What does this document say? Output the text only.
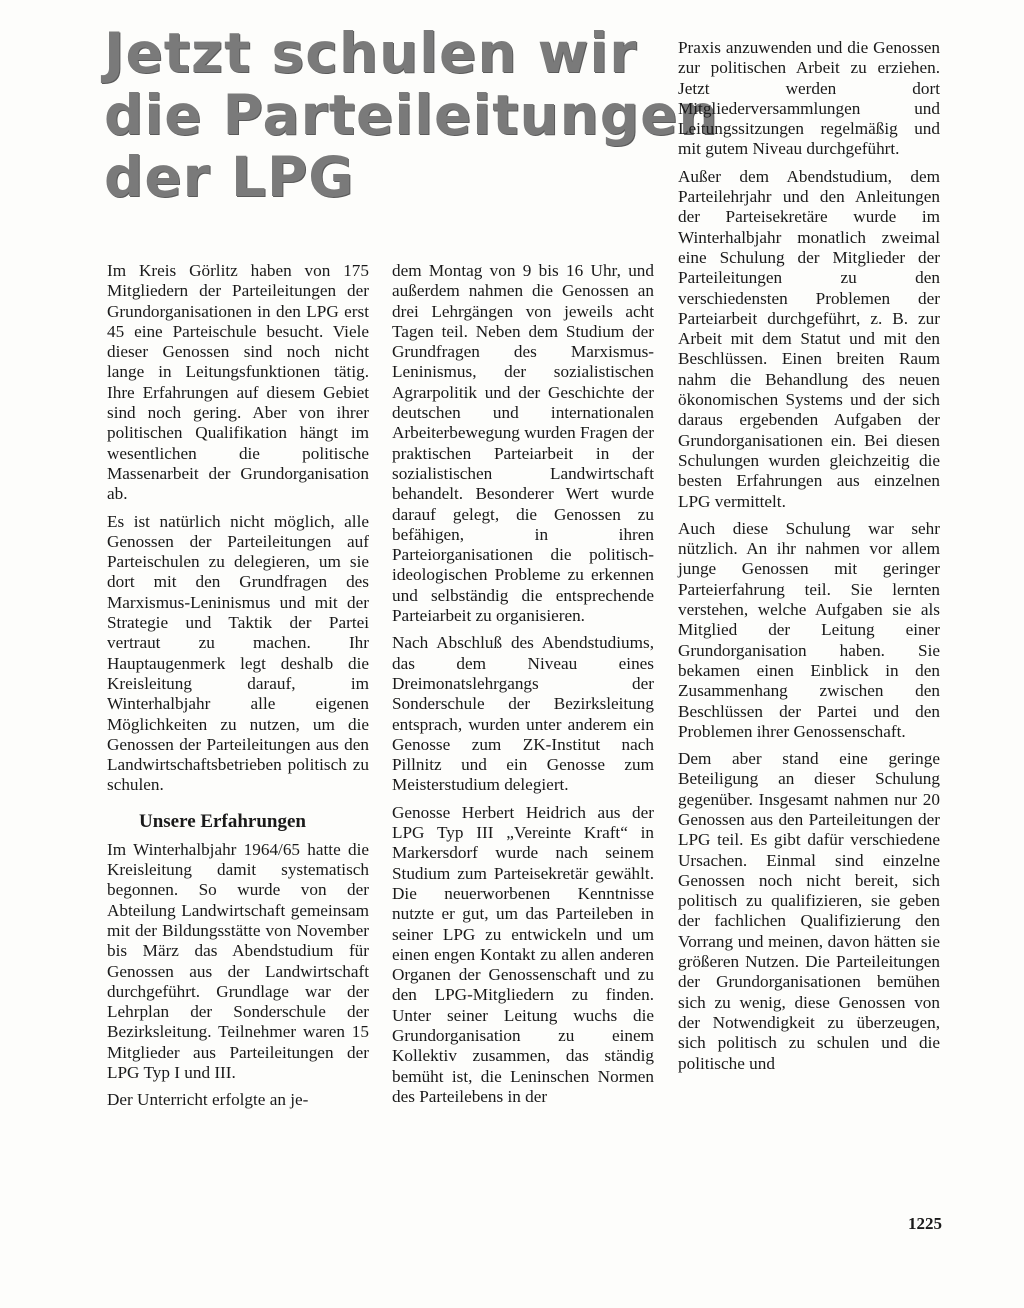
Jetzt schulen wir
die Parteileitungen
der LPG

Im Kreis Görlitz haben von 175 Mitgliedern der Parteileitungen der Grundorganisationen in den LPG erst 45 eine Parteischule besucht. Viele dieser Genossen sind noch nicht lange in Leitungsfunktionen tätig. Ihre Erfahrungen auf diesem Gebiet sind noch gering. Aber von ihrer politischen Qualifikation hängt im wesentlichen die politische Massenarbeit der Grundorganisation ab.

Es ist natürlich nicht möglich, alle Genossen der Parteileitungen auf Parteischulen zu delegieren, um sie dort mit den Grundfragen des Marxismus-Leninismus und mit der Strategie und Taktik der Partei vertraut zu machen. Ihr Hauptaugenmerk legt deshalb die Kreisleitung darauf, im Winterhalbjahr alle eigenen Möglichkeiten zu nutzen, um die Genossen der Parteileitungen aus den Landwirtschaftsbetrieben politisch zu schulen.

Unsere Erfahrungen

Im Winterhalbjahr 1964/65 hatte die Kreisleitung damit systematisch begonnen. So wurde von der Abteilung Landwirtschaft gemeinsam mit der Bildungsstätte von November bis März das Abendstudium für Genossen aus der Landwirtschaft durchgeführt. Grundlage war der Lehrplan der Sonderschule der Bezirksleitung. Teilnehmer waren 15 Mitglieder aus Parteileitungen der LPG Typ I und III.

Der Unterricht erfolgte an je-

dem Montag von 9 bis 16 Uhr, und außerdem nahmen die Genossen an drei Lehrgängen von jeweils acht Tagen teil. Neben dem Studium der Grundfragen des Marxismus-Leninismus, der sozialistischen Agrarpolitik und der Geschichte der deutschen und internationalen Arbeiterbewegung wurden Fragen der praktischen Parteiarbeit in der sozialistischen Landwirtschaft behandelt. Besonderer Wert wurde darauf gelegt, die Genossen zu befähigen, in ihren Parteiorganisationen die politisch-ideologischen Probleme zu erkennen und selbständig die entsprechende Parteiarbeit zu organisieren.

Nach Abschluß des Abendstudiums, das dem Niveau eines Dreimonatslehrgangs der Sonderschule der Bezirksleitung entsprach, wurden unter anderem ein Genosse zum ZK-Institut nach Pillnitz und ein Genosse zum Meisterstudium delegiert.

Genosse Herbert Heidrich aus der LPG Typ III „Vereinte Kraft“ in Markersdorf wurde nach seinem Studium zum Parteisekretär gewählt. Die neuerworbenen Kenntnisse nutzte er gut, um das Parteileben in seiner LPG zu entwickeln und um einen engen Kontakt zu allen anderen Organen der Genossenschaft und zu den LPG-Mitgliedern zu finden. Unter seiner Leitung wuchs die Grundorganisation zu einem Kollektiv zusammen, das ständig bemüht ist, die Leninschen Normen des Parteilebens in der

Praxis anzuwenden und die Genossen zur politischen Arbeit zu erziehen. Jetzt werden dort Mitgliederversammlungen und Leitungssitzungen regelmäßig und mit gutem Niveau durchgeführt.

Außer dem Abendstudium, dem Parteilehrjahr und den Anleitungen der Parteisekretäre wurde im Winterhalbjahr monatlich zweimal eine Schulung der Mitglieder der Parteileitungen zu den verschiedensten Problemen der Parteiarbeit durchgeführt, z. B. zur Arbeit mit dem Statut und mit den Beschlüssen. Einen breiten Raum nahm die Behandlung des neuen ökonomischen Systems und der sich daraus ergebenden Aufgaben der Grundorganisationen ein. Bei diesen Schulungen wurden gleichzeitig die besten Erfahrungen aus einzelnen LPG vermittelt.

Auch diese Schulung war sehr nützlich. An ihr nahmen vor allem junge Genossen mit geringer Parteierfahrung teil. Sie lernten verstehen, welche Aufgaben sie als Mitglied der Leitung einer Grundorganisation haben. Sie bekamen einen Einblick in den Zusammenhang zwischen den Beschlüssen der Partei und den Problemen ihrer Genossenschaft.

Dem aber stand eine geringe Beteiligung an dieser Schulung gegenüber. Insgesamt nahmen nur 20 Genossen aus den Parteileitungen der LPG teil. Es gibt dafür verschiedene Ursachen. Einmal sind einzelne Genossen noch nicht bereit, sich politisch zu qualifizieren, sie geben der fachlichen Qualifizierung den Vorrang und meinen, davon hätten sie größeren Nutzen. Die Parteileitungen der Grundorganisationen bemühen sich zu wenig, diese Genossen von der Notwendigkeit zu überzeugen, sich politisch zu schulen und die politische und

1225
